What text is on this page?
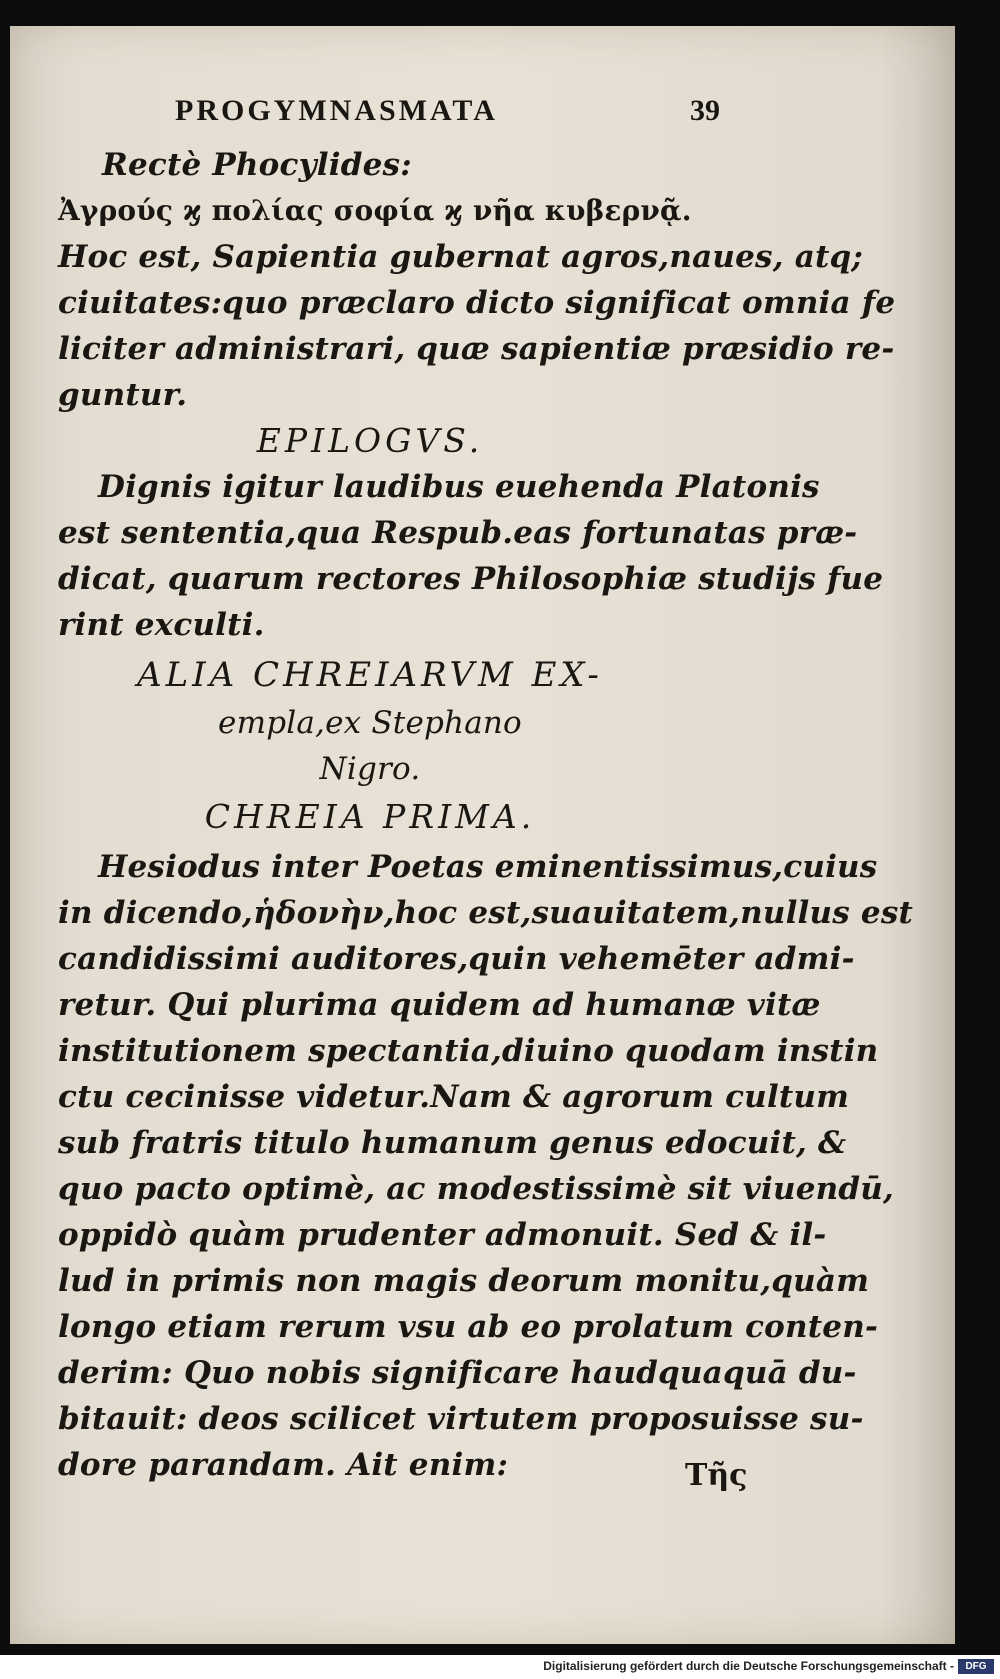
PROGYMNASMATA	39
Rectè Phocylides:
Ἀγρούς ϗ πολίας σοφία ϗ νῆα κυβερνᾷ.
Hoc est, Sapientia gubernat agros,naues, atq;
ciuitates:quo præclaro dicto significat omnia fe
liciter administrari, quæ sapientiæ præsidio re-
guntur.
EPILOGVS.
Dignis igitur laudibus euehenda Platonis
est sententia,qua Respub.eas fortunatas præ-
dicat, quarum rectores Philosophiæ studijs fue
rint exculti.
ALIA CHREIARVM EX-
empla,ex Stephano
Nigro.
CHREIA PRIMA.
Hesiodus inter Poetas eminentissimus,cuius
in dicendo,ἡδονὴν,hoc est,suauitatem,nullus est
candidissimi auditores,quin vehemēter admi-
retur. Qui plurima quidem ad humanæ vitæ
institutionem spectantia,diuino quodam instin
ctu cecinisse videtur.Nam & agrorum cultum
sub fratris titulo humanum genus edocuit, &
quo pacto optimè, ac modestissimè sit viuendū,
oppidò quàm prudenter admonuit. Sed & il-
lud in primis non magis deorum monitu,quàm
longo etiam rerum vsu ab eo prolatum conten-
derim: Quo nobis significare haudquaquā du-
bitauit: deos scilicet virtutem proposuisse su-
dore parandam. Ait enim:	Τῆς
Digitalisierung gefördert durch die Deutsche Forschungsgemeinschaft -	DFG
